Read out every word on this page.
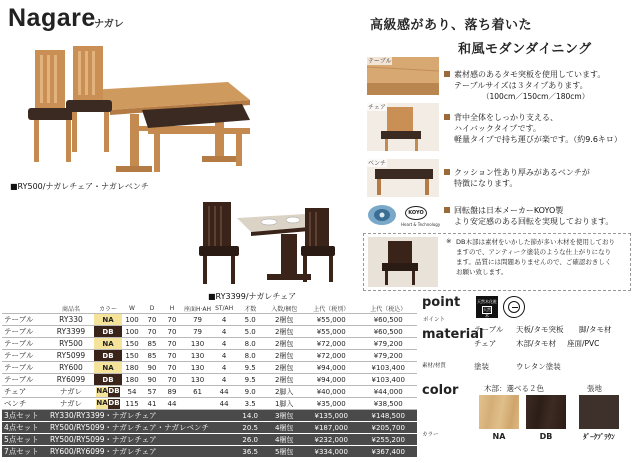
Nagare
ナガレ	高級感があり、落ち着いた
和風モダンダイニング
■RY500/ナガレチェア・ナガレベンチ
■RY3399/ナガレチェア
テーブル
素材感のあるタモ突板を使用しています。
テーブルサイズは３タイプあります。
（100cm／150cm／180cm）
チェア
背中全体をしっかり支える、
ハイバックタイプです。
軽量タイプで持ち運びが楽です。（約9.6キロ）
ベンチ
クッション性あり厚みがあるベンチが
特徴になります。
KOYO
Heart & Technology
回転盤は日本メーカーKOYO製
より安定感のある回転を実現しております。
※ DB木部は素材をいかした節が多い木材を使用しており
ますので、アンティーク塗装のような仕上がりになり
ます。品質には問題ありませんので、ご確認おきしく
お願い致します。
	商品名	カラー	W	D	H	座面H·AH	ST/AH	才数	入数/梱包	上代（税別）	上代（税込）
テーブル	RY330	NA	100	70	70	79	4	5.0	2梱包	¥55,000	¥60,500
テーブル	RY3399	DB	100	70	70	79	4	5.0	2梱包	¥55,000	¥60,500
テーブル	RY500	NA	150	85	70	130	4	8.0	2梱包	¥72,000	¥79,200
テーブル	RY5099	DB	150	85	70	130	4	8.0	2梱包	¥72,000	¥79,200
テーブル	RY600	NA	180	90	70	130	4	9.5	2梱包	¥94,000	¥103,400
テーブル	RY6099	DB	180	90	70	130	4	9.5	2梱包	¥94,000	¥103,400
チェア	ナガレ	NA DB	54	57	89	61	44	9.0	2脚入	¥40,000	¥44,000
ベンチ	ナガレ	NA DB	115	41	44		44	3.5	1脚入	¥35,000	¥38,500
3点セット	RY330/RY3399・ナガレチェア							14.0	3梱包	¥135,000	¥148,500
4点セット	RY500/RY5099・ナガレチェア・ナガレベンチ							20.5	4梱包	¥187,000	¥205,700
5点セット	RY500/RY5099・ナガレチェア							26.0	4梱包	¥232,000	¥255,200
7点セット	RY600/RY6099・ナガレチェア							36.5	5梱包	¥334,000	¥367,400
point
ポイント
天然木化粧
天然木
material
テーブル 天板/タモ突板 脚/タモ材
チェア	木部/タモ材 座面/PVC
素材/材質	塗装	ウレタン塗装
color
カラー
木部：選べる２色	張地
NA	DB	ﾀﾞｰｸﾌﾞﾗｳﾝ
